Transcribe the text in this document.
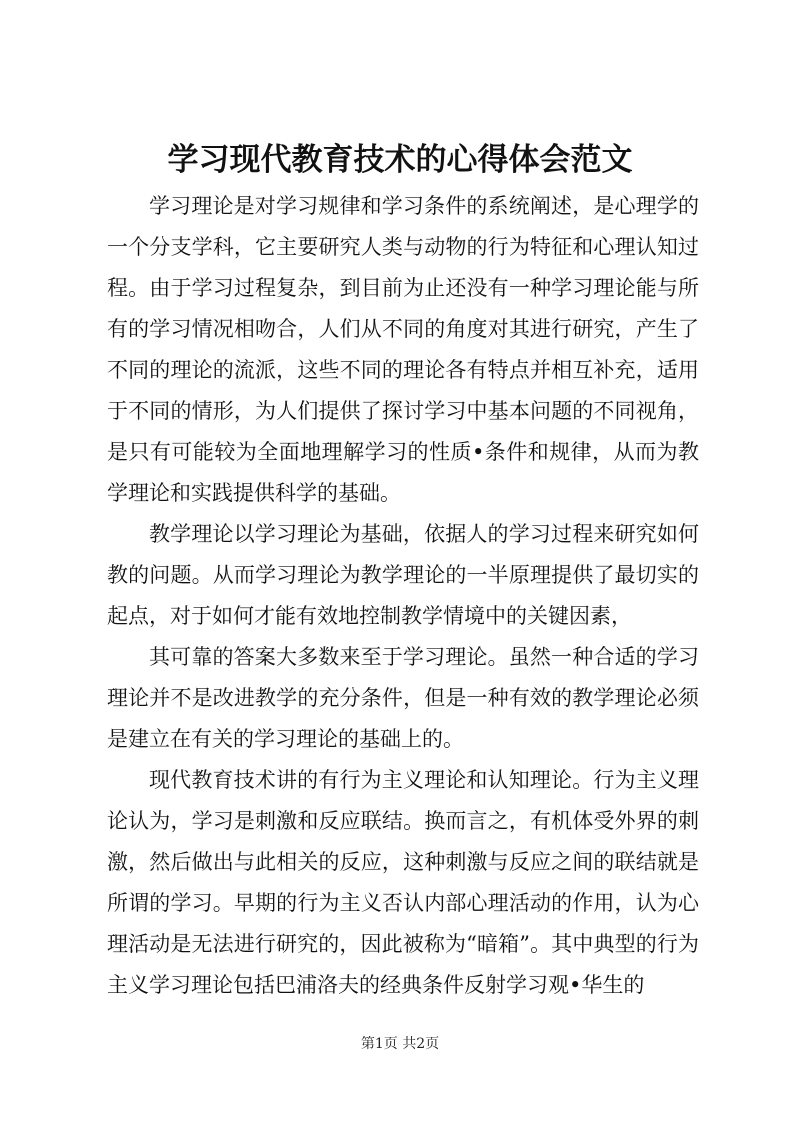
学习现代教育技术的心得体会范文

学习理论是对学习规律和学习条件的系统阐述，是心理学的一个分支学科，它主要研究人类与动物的行为特征和心理认知过程。由于学习过程复杂，到目前为止还没有一种学习理论能与所有的学习情况相吻合，人们从不同的角度对其进行研究，产生了不同的理论的流派，这些不同的理论各有特点并相互补充，适用于不同的情形，为人们提供了探讨学习中基本问题的不同视角，是只有可能较为全面地理解学习的性质•条件和规律，从而为教学理论和实践提供科学的基础。

教学理论以学习理论为基础，依据人的学习过程来研究如何教的问题。从而学习理论为教学理论的一半原理提供了最切实的起点，对于如何才能有效地控制教学情境中的关键因素，

其可靠的答案大多数来至于学习理论。虽然一种合适的学习理论并不是改进教学的充分条件，但是一种有效的教学理论必须是建立在有关的学习理论的基础上的。

现代教育技术讲的有行为主义理论和认知理论。行为主义理论认为，学习是刺激和反应联结。换而言之，有机体受外界的刺激，然后做出与此相关的反应，这种刺激与反应之间的联结就是所谓的学习。早期的行为主义否认内部心理活动的作用，认为心理活动是无法进行研究的，因此被称为“暗箱”。其中典型的行为主义学习理论包括巴浦洛夫的经典条件反射学习观•华生的

第1页 共2页
